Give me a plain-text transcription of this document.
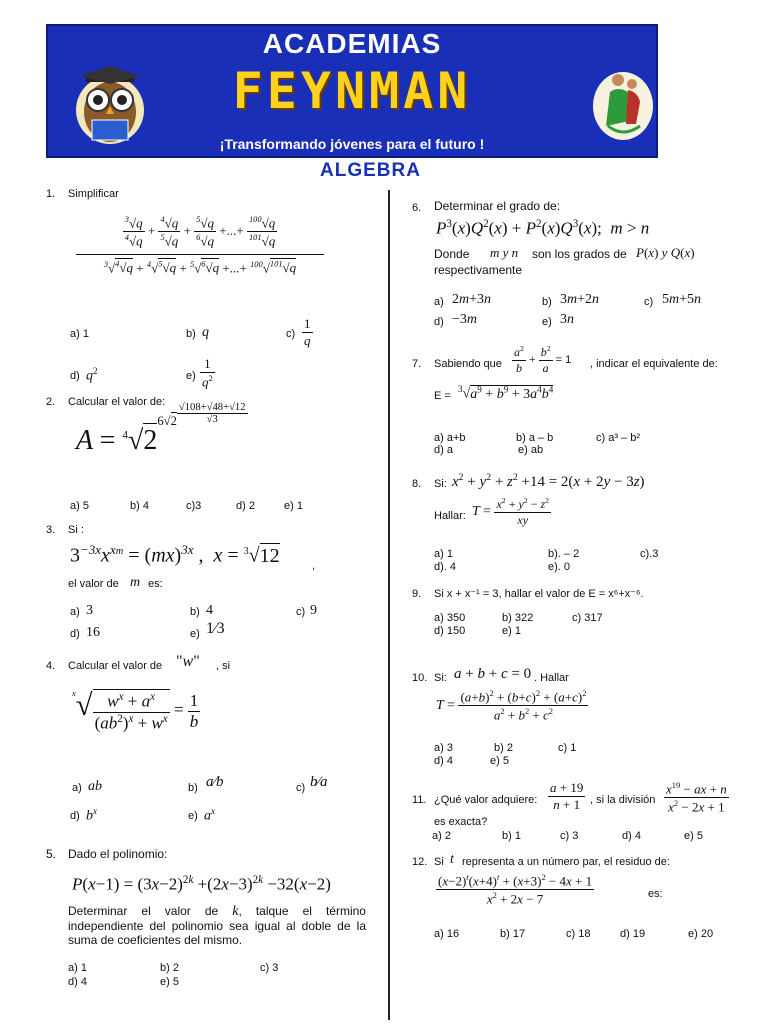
ACADEMIAS
FEYNMAN
¡Transformando jóvenes para el futuro !
ALGEBRA
1. Simplificar
$\frac{^3√q}{^4√q} + \frac{^4√q}{^5√q} + \frac{^5√q}{^6√q}$ +...+ $\frac{^{100}√q}{^{101}√q}$
$^3$√$^4$√q + $^4$√$^5$√q + $^5$√$^6$√q +...+ $^{100}$√$^{101}$√q
a) 1	b) q	$c) \frac{1}{q}$
d) $q^2$	$e) \frac{1}{q^2}$
2. Calcular el valor de:
$A = ^4√2^{6√2}$ $^{\frac{√108+√48+√12}{√3}}$
a) 5	b) 4	c)3	d) 2	e) 1
3. Si :
$3^{-3x}x^{xm} = (mx)^{3x}$ ,  x = $^3$√12	,
el valor de m es:
a) 3	b) 4	c) 9
d) 16	e) 1⁄3
4. Calcular el valor de "w" , si
$^x√ \frac{w^x + a^x}{(ab^2)^x + w^x} = \frac{1}{b}$
a) ab	b) a⁄b	c) b⁄a
d) $b^x$	e) $a^x$
5. Dado el polinomio:
$P(x-1) = (3x-2)^{2k} +(2x-3)^{2k} -32(x-2)$
Determinar el valor de k, talque el término independiente del polinomio sea igual al doble de la suma de coeficientes del mismo.
a) 1	b) 2	c) 3
d) 4	e) 5
6. Determinar el grado de:
$P^3(x)Q^2(x) + P^2(x)Q^3(x)$;  m > n
Donde m y n son los grados de P(x) y Q(x)
respectivamente
a) 2m+3n	b) 3m+2n	c) 5m+5n
d) −3m	e) 3n
7. Sabiendo que $\frac{a^2}{b} + \frac{b^2}{a} = 1$ , indicar el equivalente de:
E =
$^3√a^9 + b^9 + 3a^4b^4$
a) a+b	b) a – b	c) a³ – b²
d) a	e) ab
8. Si: $x^2 + y^2 + z^2 +14 = 2(x + 2y - 3z)$
Hallar: $T = \frac{x^2 + y^2 - z^2}{xy}$
a) 1	b). – 2	c).3
d). 4	e). 0
9. Si x + x⁻¹ = 3, hallar el valor de E = x⁶+x⁻⁶.
a) 350	b) 322	c) 317
d) 150	e) 1
10. Si: a + b + c = 0 . Hallar
$T = \frac{(a+b)^2 + (b+c)^2 + (a+c)^2}{a^2 + b^2 + c^2}$
a) 3	b) 2	c) 1
d) 4	e) 5
11. ¿Qué valor adquiere: $\frac{a + 19}{n + 1}$ , si la división $\frac{x^{19} - ax + n}{x^2 - 2x + 1}$
es exacta?
a) 2	b) 1	c) 3	d) 4	e) 5
12. Si t representa a un número par, el residuo de:
$\frac{(x-2)^t(x+4)^t + (x+3)^2 - 4x + 1}{x^2 + 2x - 7}$	es:
a) 16	b) 17	c) 18	d) 19	e) 20
